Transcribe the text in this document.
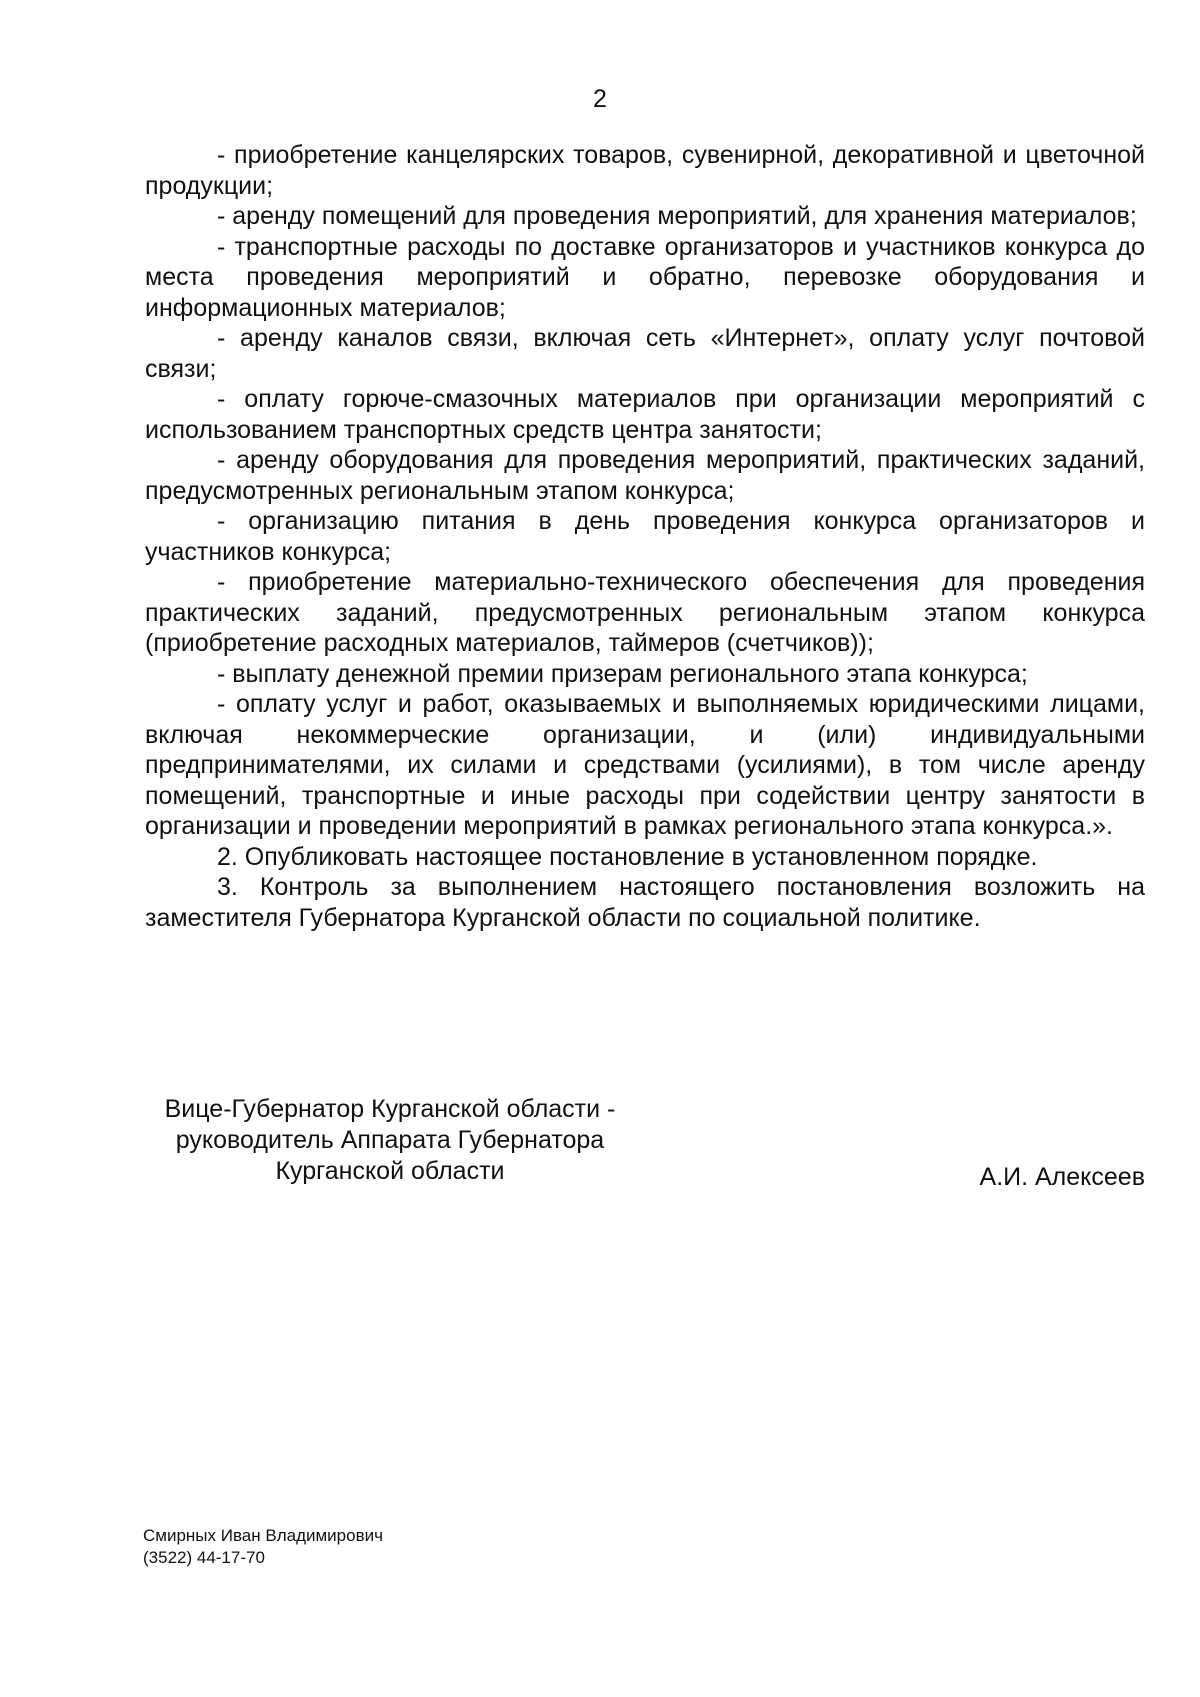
2

- приобретение канцелярских товаров, сувенирной, декоративной и цветочной продукции;

- аренду помещений для проведения мероприятий, для хранения материалов;

- транспортные расходы по доставке организаторов и участников конкурса до места проведения мероприятий и обратно, перевозке оборудования и информационных материалов;

- аренду каналов связи, включая сеть «Интернет», оплату услуг почтовой связи;

- оплату горюче-смазочных материалов при организации мероприятий с использованием транспортных средств центра занятости;

- аренду оборудования для проведения мероприятий, практических заданий, предусмотренных региональным этапом конкурса;

- организацию питания в день проведения конкурса организаторов и участников конкурса;

- приобретение материально-технического обеспечения для проведения практических заданий, предусмотренных региональным этапом конкурса (приобретение расходных материалов, таймеров (счетчиков));

- выплату денежной премии призерам регионального этапа конкурса;

- оплату услуг и работ, оказываемых и выполняемых юридическими лицами, включая некоммерческие организации, и (или) индивидуальными предпринимателями, их силами и средствами (усилиями), в том числе аренду помещений, транспортные и иные расходы при содействии центру занятости в организации и проведении мероприятий в рамках регионального этапа конкурса.».

2. Опубликовать настоящее постановление в установленном порядке.

3. Контроль за выполнением настоящего постановления возложить на заместителя Губернатора Курганской области по социальной политике.

Вице-Губернатор Курганской области -
руководитель Аппарата Губернатора
Курганской области	А.И. Алексеев
Смирных Иван Владимирович
(3522) 44-17-70
